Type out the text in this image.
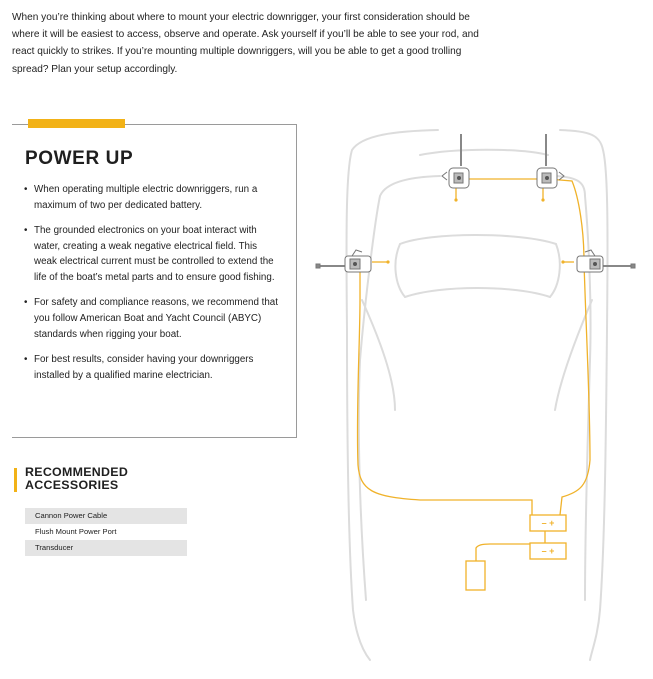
When you’re thinking about where to mount your electric downrigger, your first consideration should be where it will be easiest to access, observe and operate. Ask yourself if you’ll be able to see your rod, and react quickly to strikes. If you’re mounting multiple downriggers, will you be able to get a good trolling spread? Plan your setup accordingly.
POWER UP
• When operating multiple electric downriggers, run a maximum of two per dedicated battery.
• The grounded electronics on your boat interact with water, creating a weak negative electrical field. This weak electrical current must be controlled to extend the life of the boat’s metal parts and to ensure good fishing.
• For safety and compliance reasons, we recommend that you follow American Boat and Yacht Council (ABYC) standards when rigging your boat.
• For best results, consider having your downriggers installed by a qualified marine electrician.
RECOMMENDED
ACCESSORIES
Cannon Power Cable
Flush Mount Power Port
Transducer
– +
– +
